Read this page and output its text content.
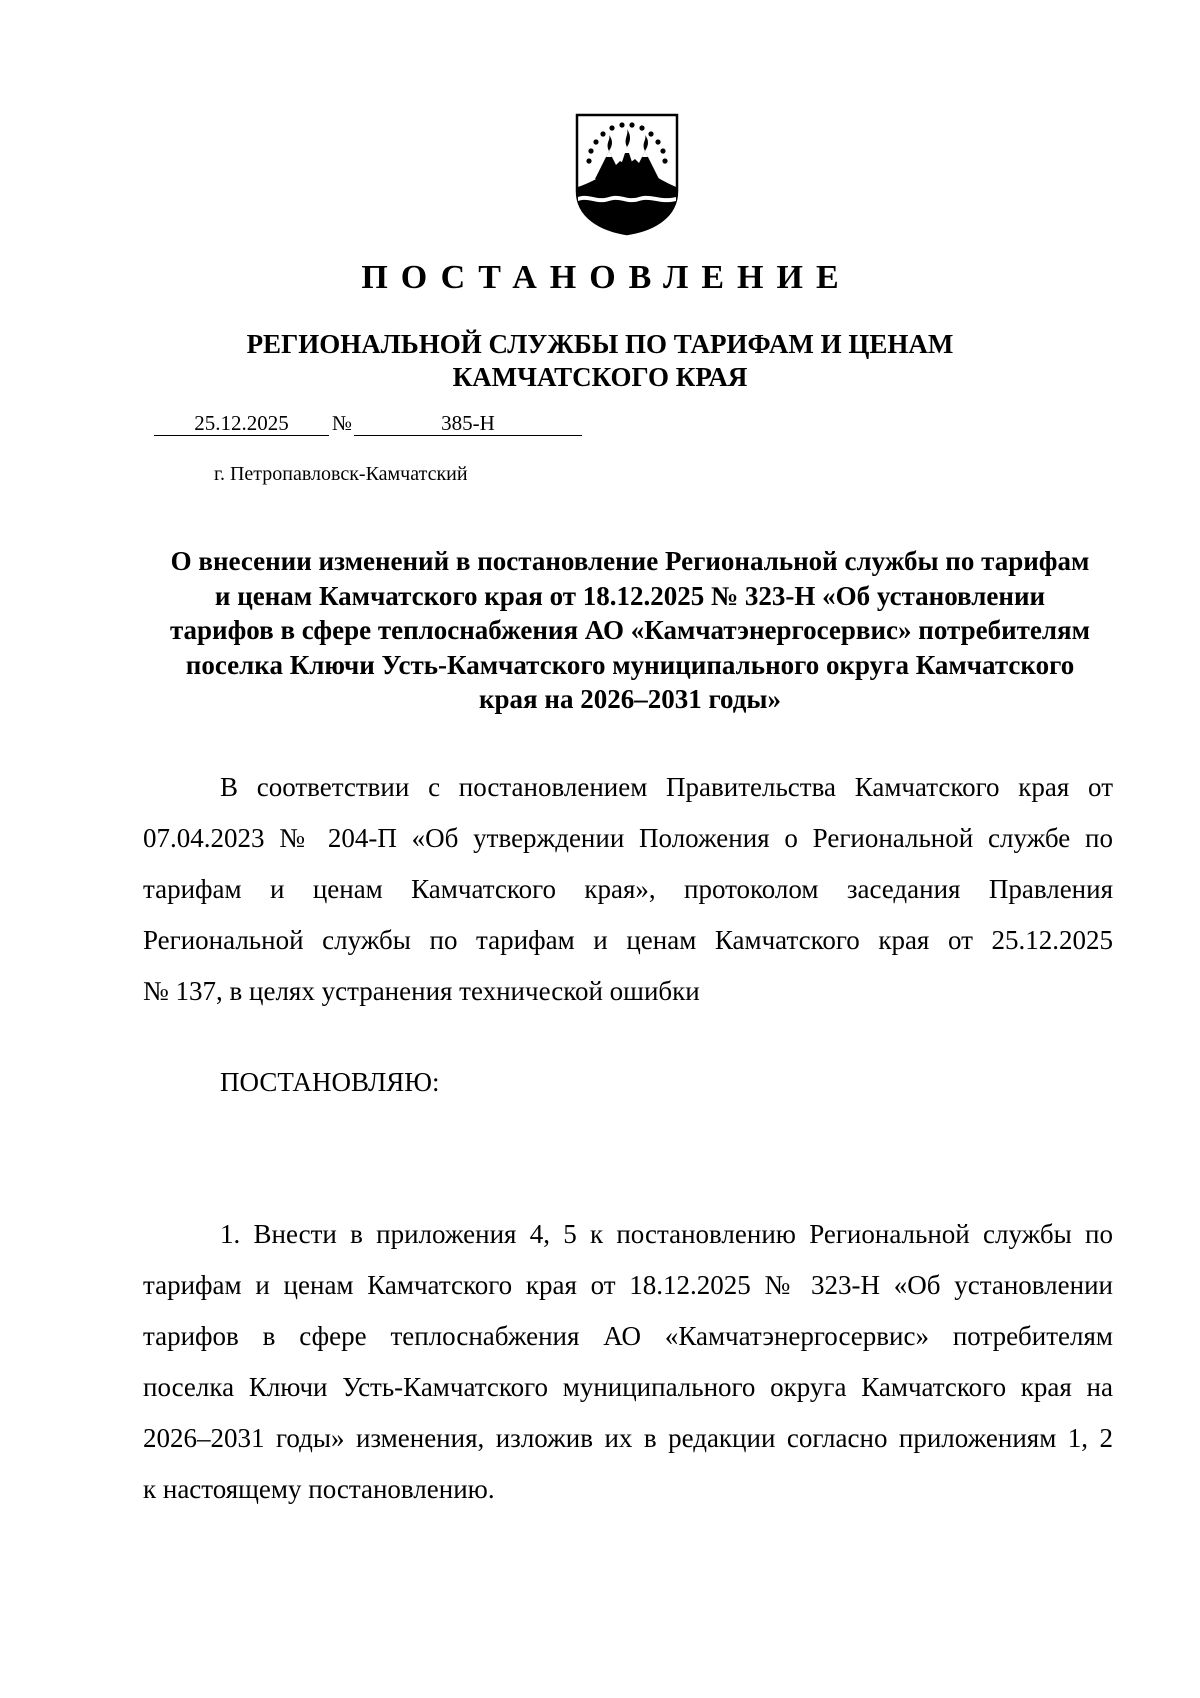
ПОСТАНОВЛЕНИЕ
РЕГИОНАЛЬНОЙ СЛУЖБЫ ПО ТАРИФАМ И ЦЕНАМ
КАМЧАТСКОГО КРАЯ
25.12.2025	№	385-Н
г. Петропавловск-Камчатский
О внесении изменений в постановление Региональной службы по тарифам
и ценам Камчатского края от 18.12.2025 № 323-Н «Об установлении
тарифов в сфере теплоснабжения АО «Камчатэнергосервис» потребителям
поселка Ключи Усть-Камчатского муниципального округа Камчатского
края на 2026–2031 годы»
В соответствии с постановлением Правительства Камчатского края от
07.04.2023 № 204-П «Об утверждении Положения о Региональной службе по
тарифам и ценам Камчатского края», протоколом заседания Правления
Региональной службы по тарифам и ценам Камчатского края от 25.12.2025
№ 137, в целях устранения технической ошибки
ПОСТАНОВЛЯЮ:
1. Внести в приложения 4, 5 к постановлению Региональной службы по
тарифам и ценам Камчатского края от 18.12.2025 № 323-Н «Об установлении
тарифов в сфере теплоснабжения АО «Камчатэнергосервис» потребителям
поселка Ключи Усть-Камчатского муниципального округа Камчатского края на
2026–2031 годы» изменения, изложив их в редакции согласно приложениям 1, 2
к настоящему постановлению.
